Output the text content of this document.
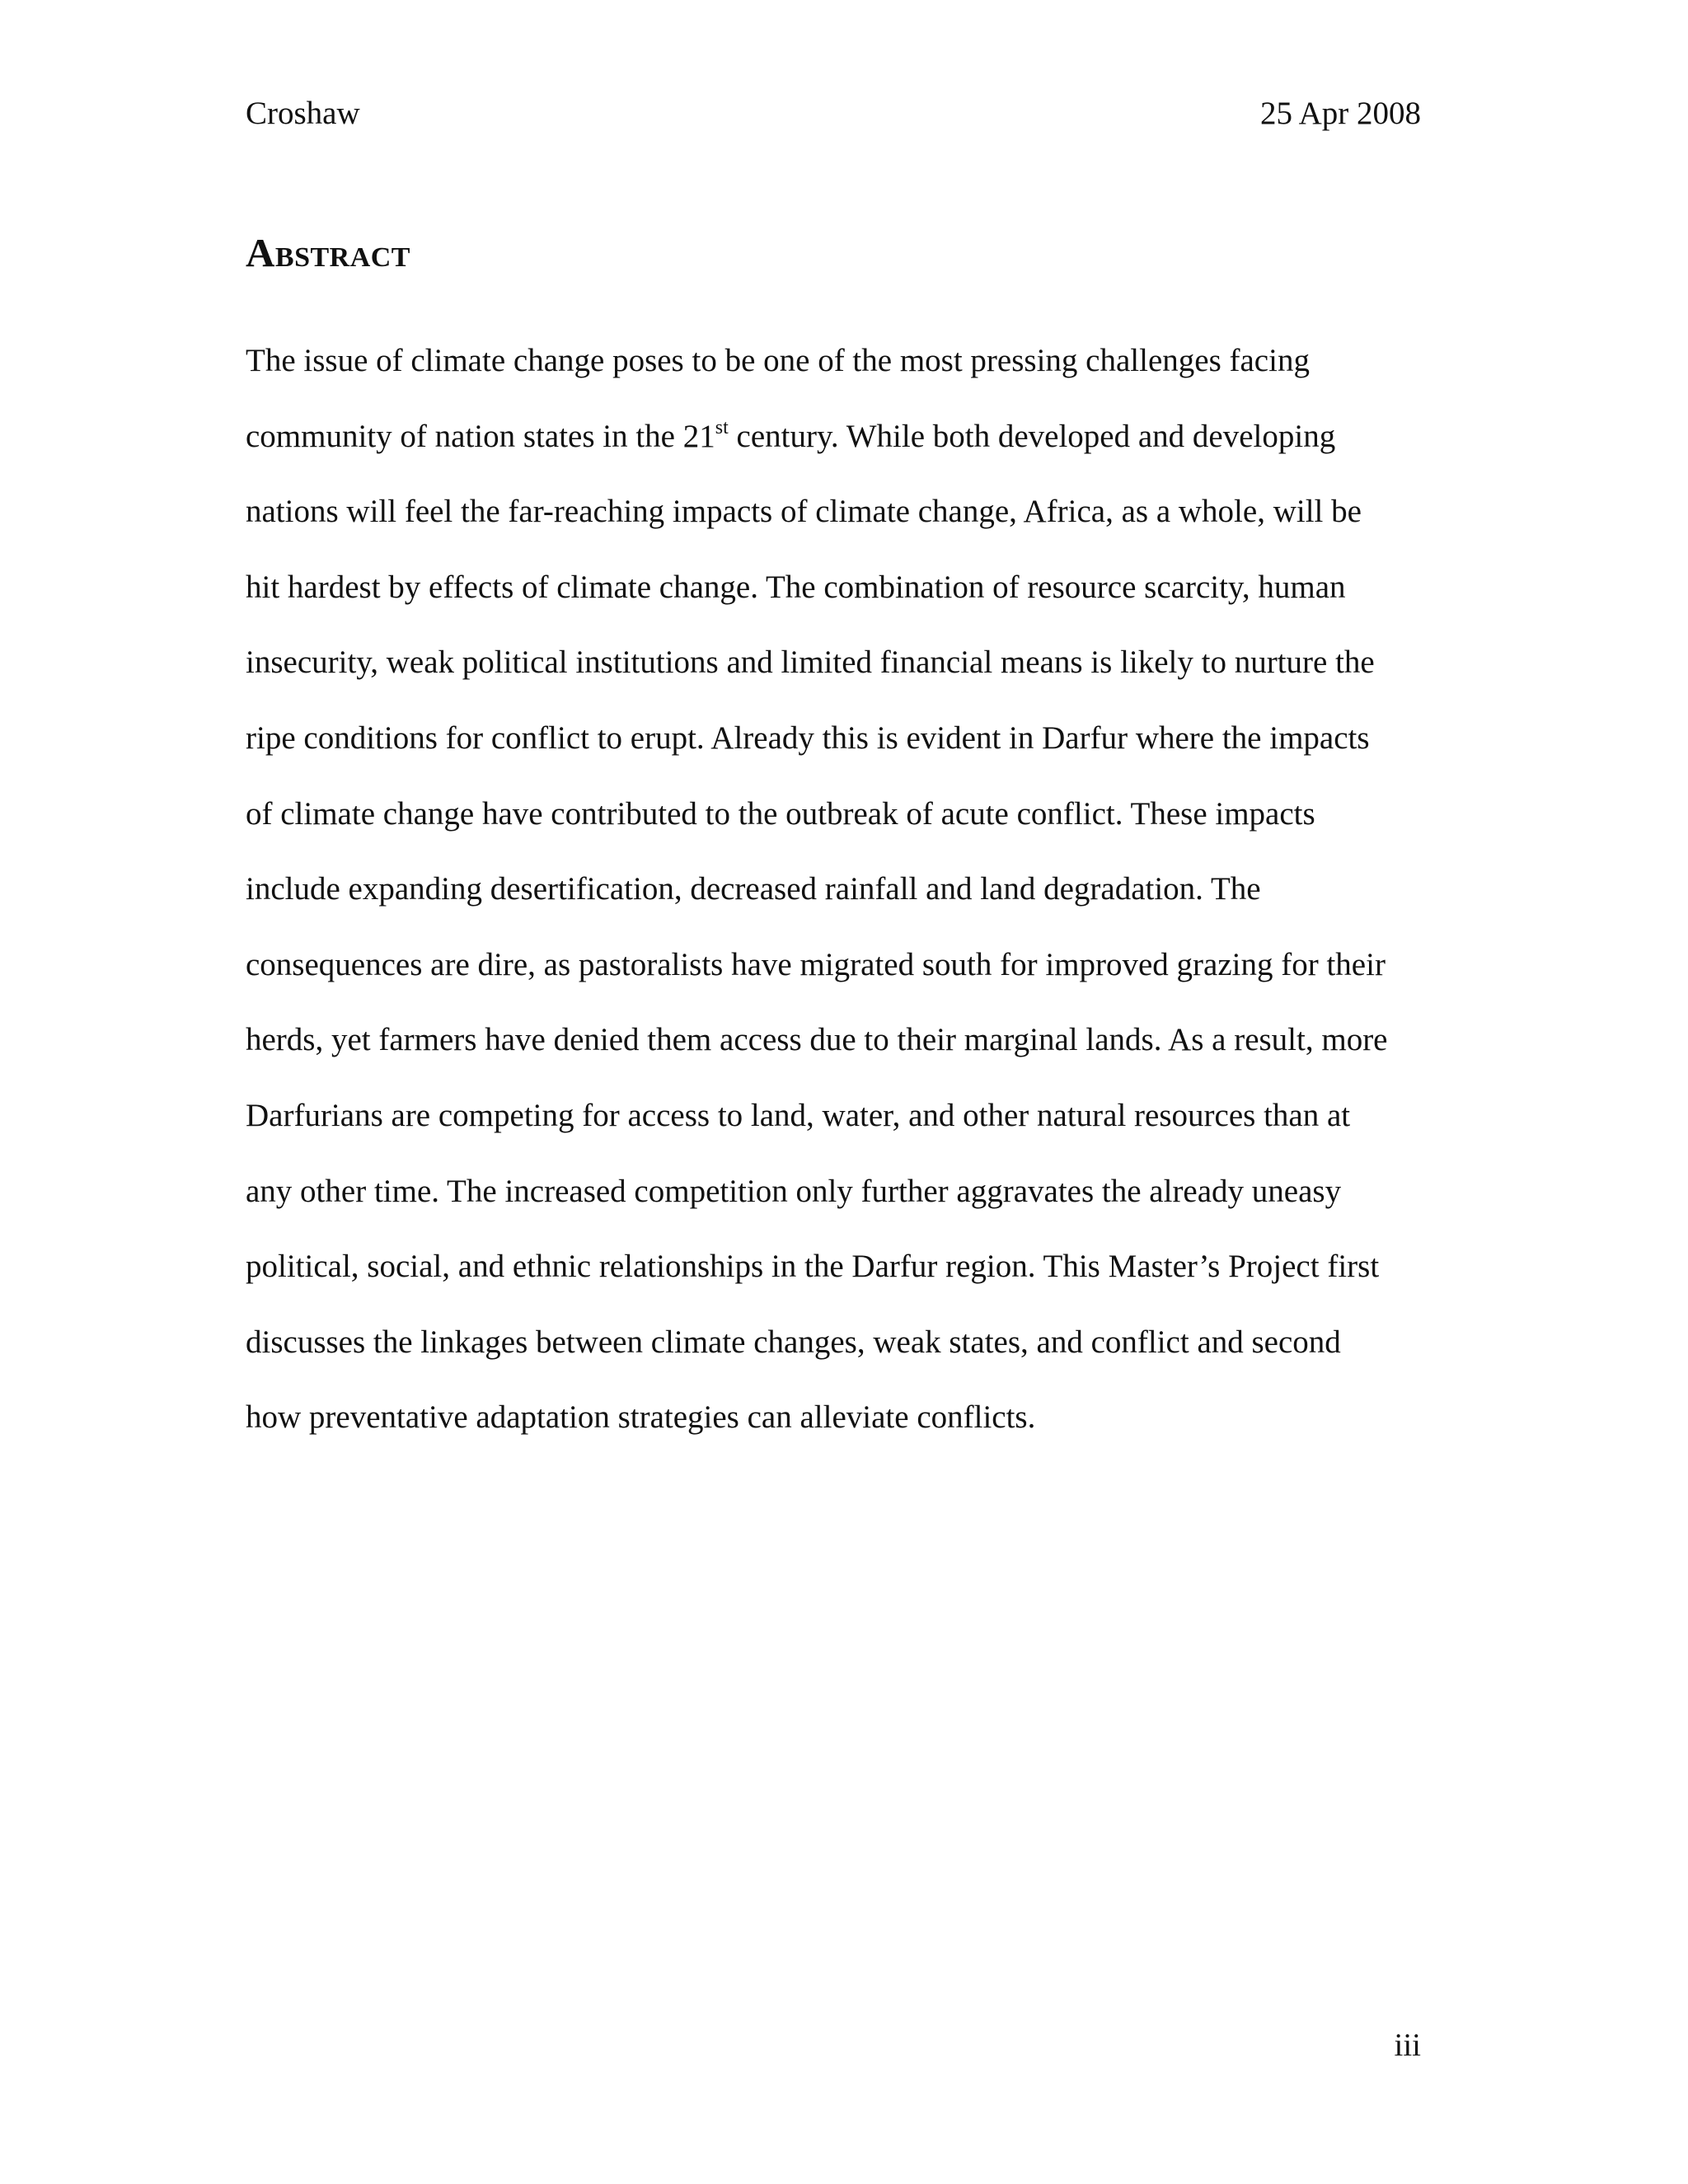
Croshaw	25 Apr 2008
Abstract
The issue of climate change poses to be one of the most pressing challenges facing
community of nation states in the 21st century. While both developed and developing
nations will feel the far-reaching impacts of climate change, Africa, as a whole, will be
hit hardest by effects of climate change. The combination of resource scarcity, human
insecurity, weak political institutions and limited financial means is likely to nurture the
ripe conditions for conflict to erupt. Already this is evident in Darfur where the impacts
of climate change have contributed to the outbreak of acute conflict. These impacts
include expanding desertification, decreased rainfall and land degradation. The
consequences are dire, as pastoralists have migrated south for improved grazing for their
herds, yet farmers have denied them access due to their marginal lands. As a result, more
Darfurians are competing for access to land, water, and other natural resources than at
any other time. The increased competition only further aggravates the already uneasy
political, social, and ethnic relationships in the Darfur region. This Master’s Project first
discusses the linkages between climate changes, weak states, and conflict and second
how preventative adaptation strategies can alleviate conflicts.
iii
